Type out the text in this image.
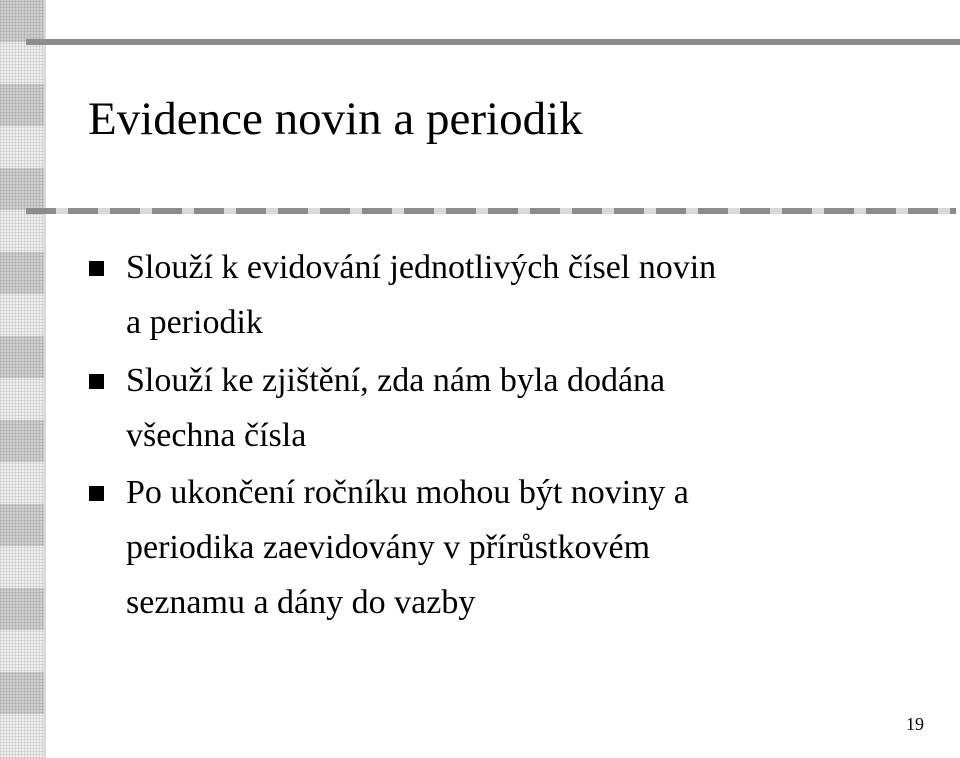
Evidence novin a periodik
Slouží k evidování jednotlivých čísel novin
a periodik
Slouží ke zjištění, zda nám byla dodána
všechna čísla
Po ukončení ročníku mohou být noviny a
periodika zaevidovány v přírůstkovém
seznamu a dány do vazby
19
